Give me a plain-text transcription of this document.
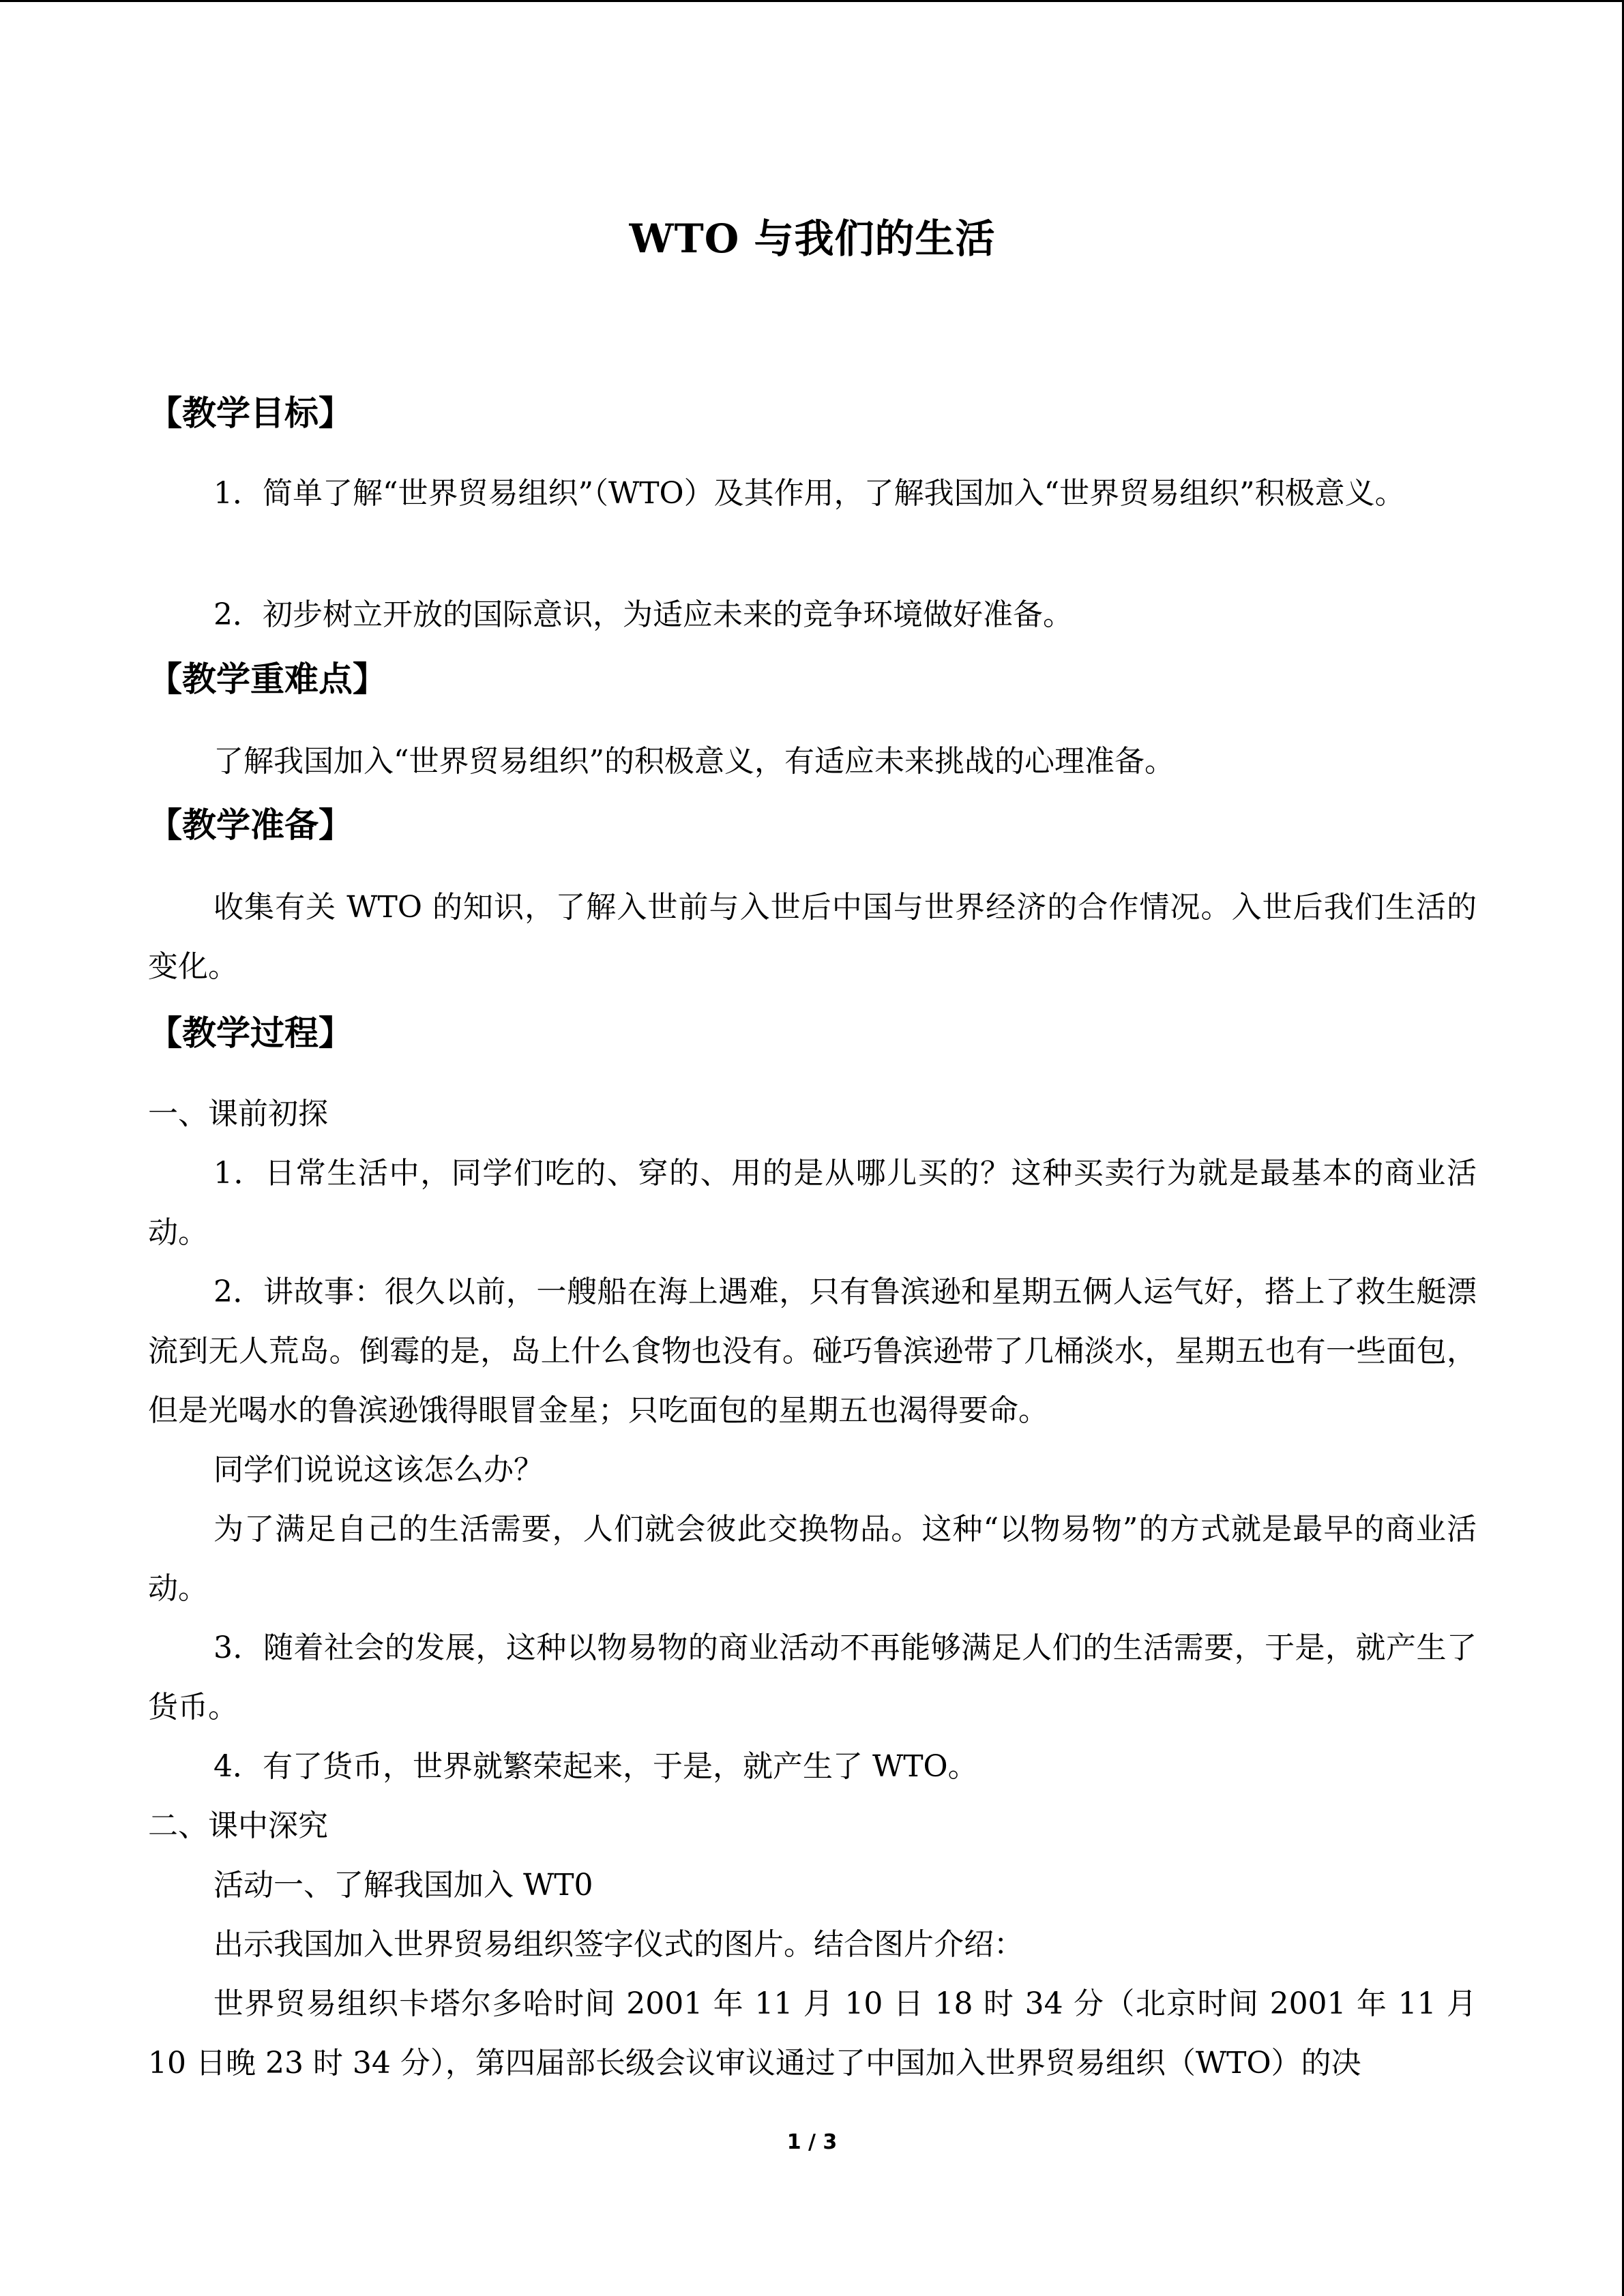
WTO 与我们的生活
【教学目标】
1．简单了解“世界贸易组织”（WTO）及其作用，了解我国加入“世界贸易组织”积极意义。
2．初步树立开放的国际意识，为适应未来的竞争环境做好准备。
【教学重难点】
了解我国加入“世界贸易组织”的积极意义，有适应未来挑战的心理准备。
【教学准备】
收集有关 WTO 的知识，了解入世前与入世后中国与世界经济的合作情况。入世后我们生活的变化。
【教学过程】
一、课前初探
1．日常生活中，同学们吃的、穿的、用的是从哪儿买的？这种买卖行为就是最基本的商业活动。
2．讲故事：很久以前，一艘船在海上遇难，只有鲁滨逊和星期五俩人运气好，搭上了救生艇漂流到无人荒岛。倒霉的是，岛上什么食物也没有。碰巧鲁滨逊带了几桶淡水，星期五也有一些面包，但是光喝水的鲁滨逊饿得眼冒金星；只吃面包的星期五也渴得要命。
同学们说说这该怎么办？
为了满足自己的生活需要，人们就会彼此交换物品。这种“以物易物”的方式就是最早的商业活动。
3．随着社会的发展，这种以物易物的商业活动不再能够满足人们的生活需要，于是，就产生了货币。
4．有了货币，世界就繁荣起来，于是，就产生了 WTO。
二、课中深究
活动一、了解我国加入 WT0
出示我国加入世界贸易组织签字仪式的图片。结合图片介绍：
世界贸易组织卡塔尔多哈时间 2001 年 11 月 10 日 18 时 34 分（北京时间 2001 年 11 月 10 日晚 23 时 34 分），第四届部长级会议审议通过了中国加入世界贸易组织（WTO）的决
1 / 3
